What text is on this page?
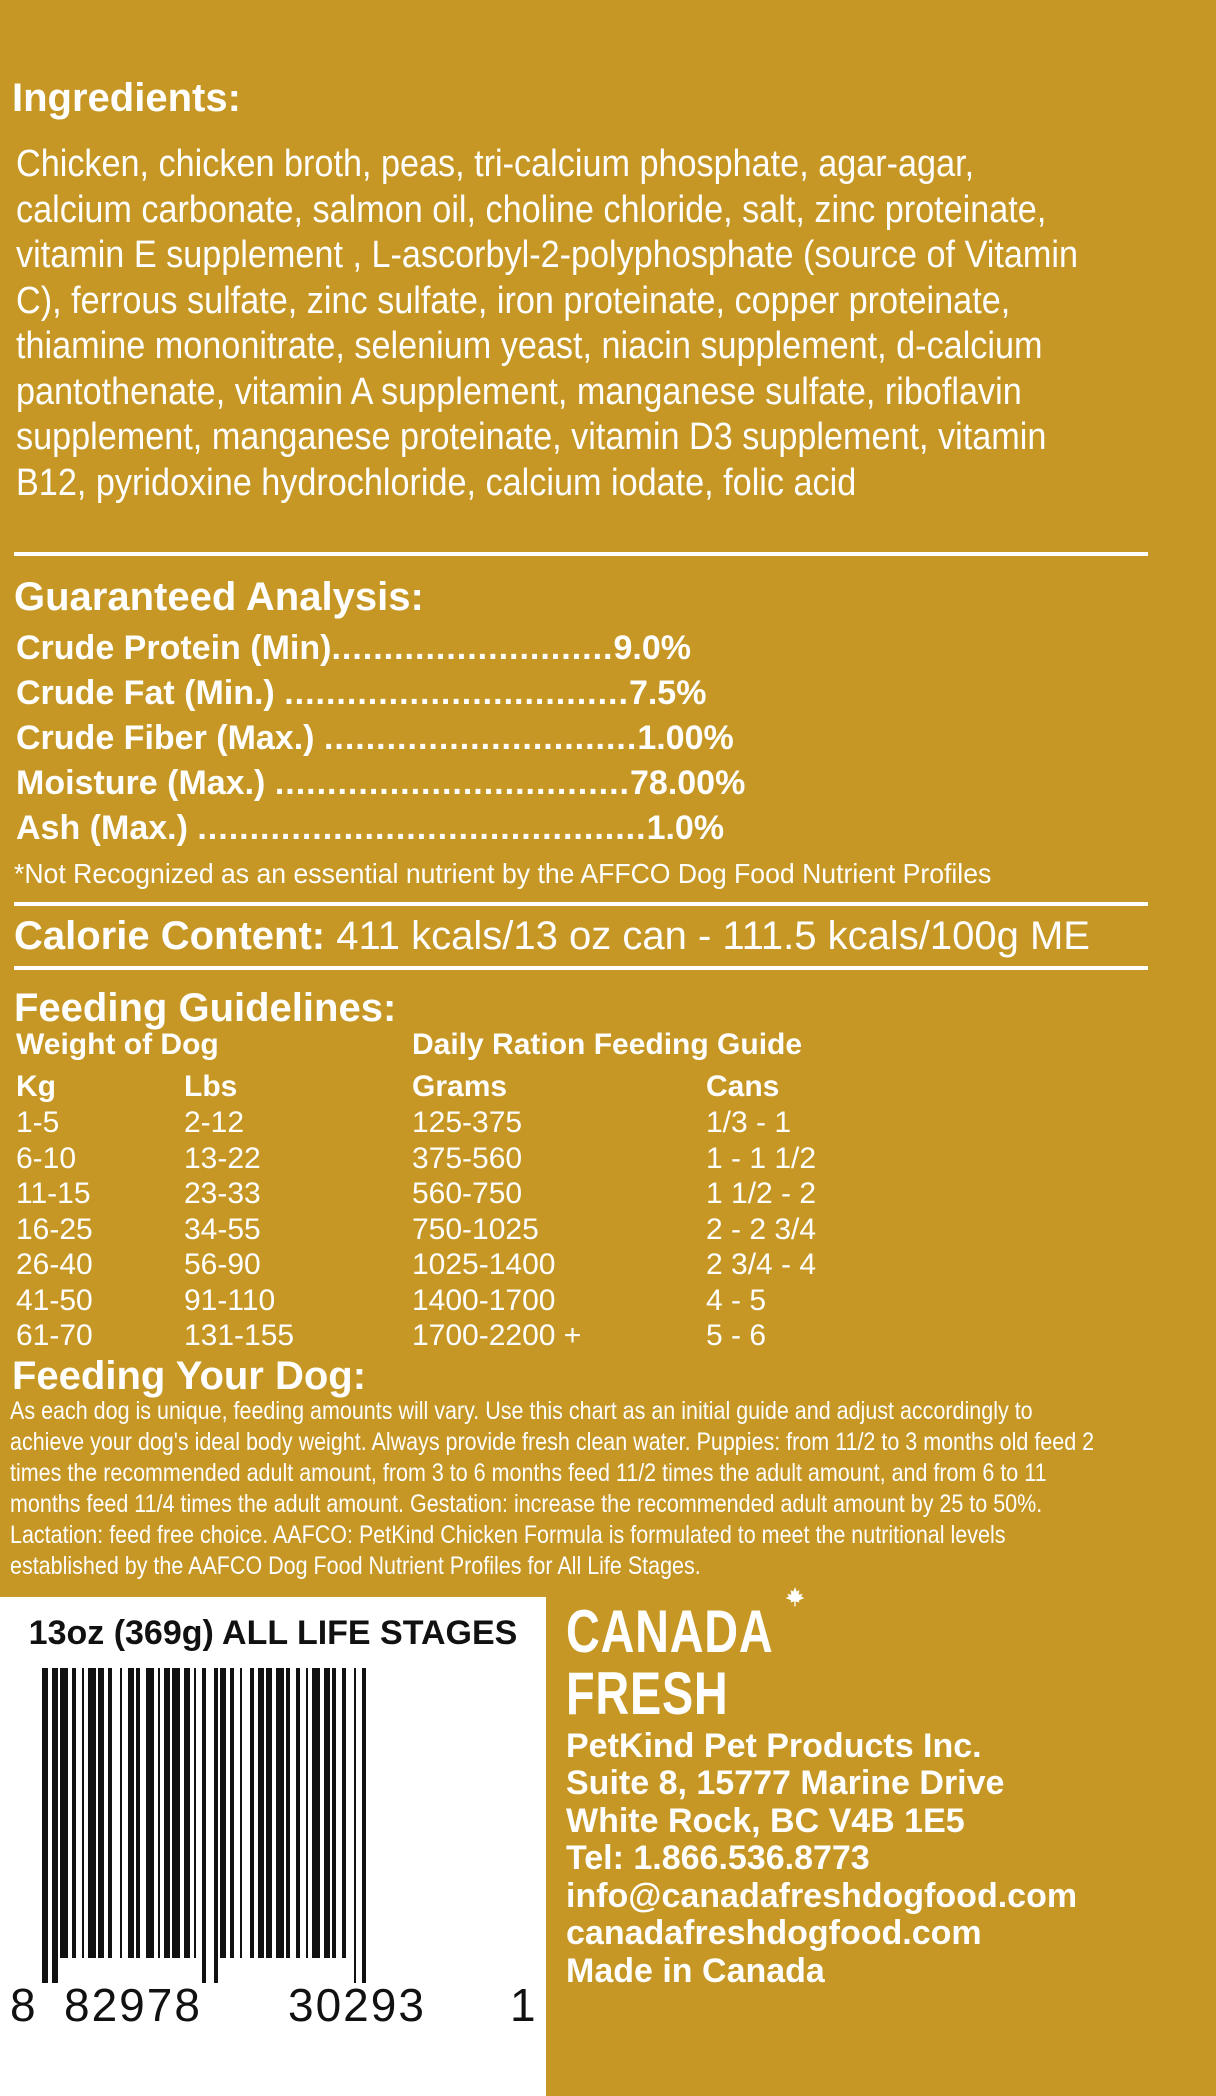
Ingredients:
Chicken, chicken broth, peas, tri-calcium phosphate, agar-agar, calcium carbonate, salmon oil, choline chloride, salt, zinc proteinate, vitamin E supplement , L-ascorbyl-2-polyphosphate (source of Vitamin C), ferrous sulfate, zinc sulfate, iron proteinate, copper proteinate, thiamine mononitrate, selenium yeast, niacin supplement, d-calcium pantothenate, vitamin A supplement, manganese sulfate, riboflavin supplement, manganese proteinate, vitamin D3 supplement, vitamin B12, pyridoxine hydrochloride, calcium iodate, folic acid
Guaranteed Analysis:
Crude Protein (Min)...........................9.0%
Crude Fat (Min.) .................................7.5%
Crude Fiber (Max.) ..............................1.00%
Moisture (Max.) ..................................78.00%
Ash (Max.) ...........................................1.0%
*Not Recognized as an essential nutrient by the AFFCO Dog Food Nutrient Profiles
Calorie Content: 411 kcals/13 oz can - 111.5 kcals/100g ME
Feeding Guidelines:
Weight of Dog	Daily Ration Feeding Guide
Kg	Lbs	Grams	Cans
1-5	2-12	125-375	1/3 - 1
6-10	13-22	375-560	1 - 1 1/2
11-15	23-33	560-750	1 1/2 - 2
16-25	34-55	750-1025	2 - 2 3/4
26-40	56-90	1025-1400	2 3/4 - 4
41-50	91-110	1400-1700	4 - 5
61-70	131-155	1700-2200 +	5 - 6
Feeding Your Dog:
As each dog is unique, feeding amounts will vary. Use this chart as an initial guide and adjust accordingly to achieve your dog's ideal body weight. Always provide fresh clean water. Puppies: from 11/2 to 3 months old feed 2 times the recommended adult amount, from 3 to 6 months feed 11/2 times the adult amount, and from 6 to 11 months feed 11/4 times the adult amount. Gestation: increase the recommended adult amount by 25 to 50%. Lactation: feed free choice. AAFCO: PetKind Chicken Formula is formulated to meet the nutritional levels established by the AAFCO Dog Food Nutrient Profiles for All Life Stages.
13oz (369g) ALL LIFE STAGES
8 82978 30293 1
CANADA
FRESH
PetKind Pet Products Inc.
Suite 8, 15777 Marine Drive
White Rock, BC V4B 1E5
Tel: 1.866.536.8773
info@canadafreshdogfood.com
canadafreshdogfood.com
Made in Canada
